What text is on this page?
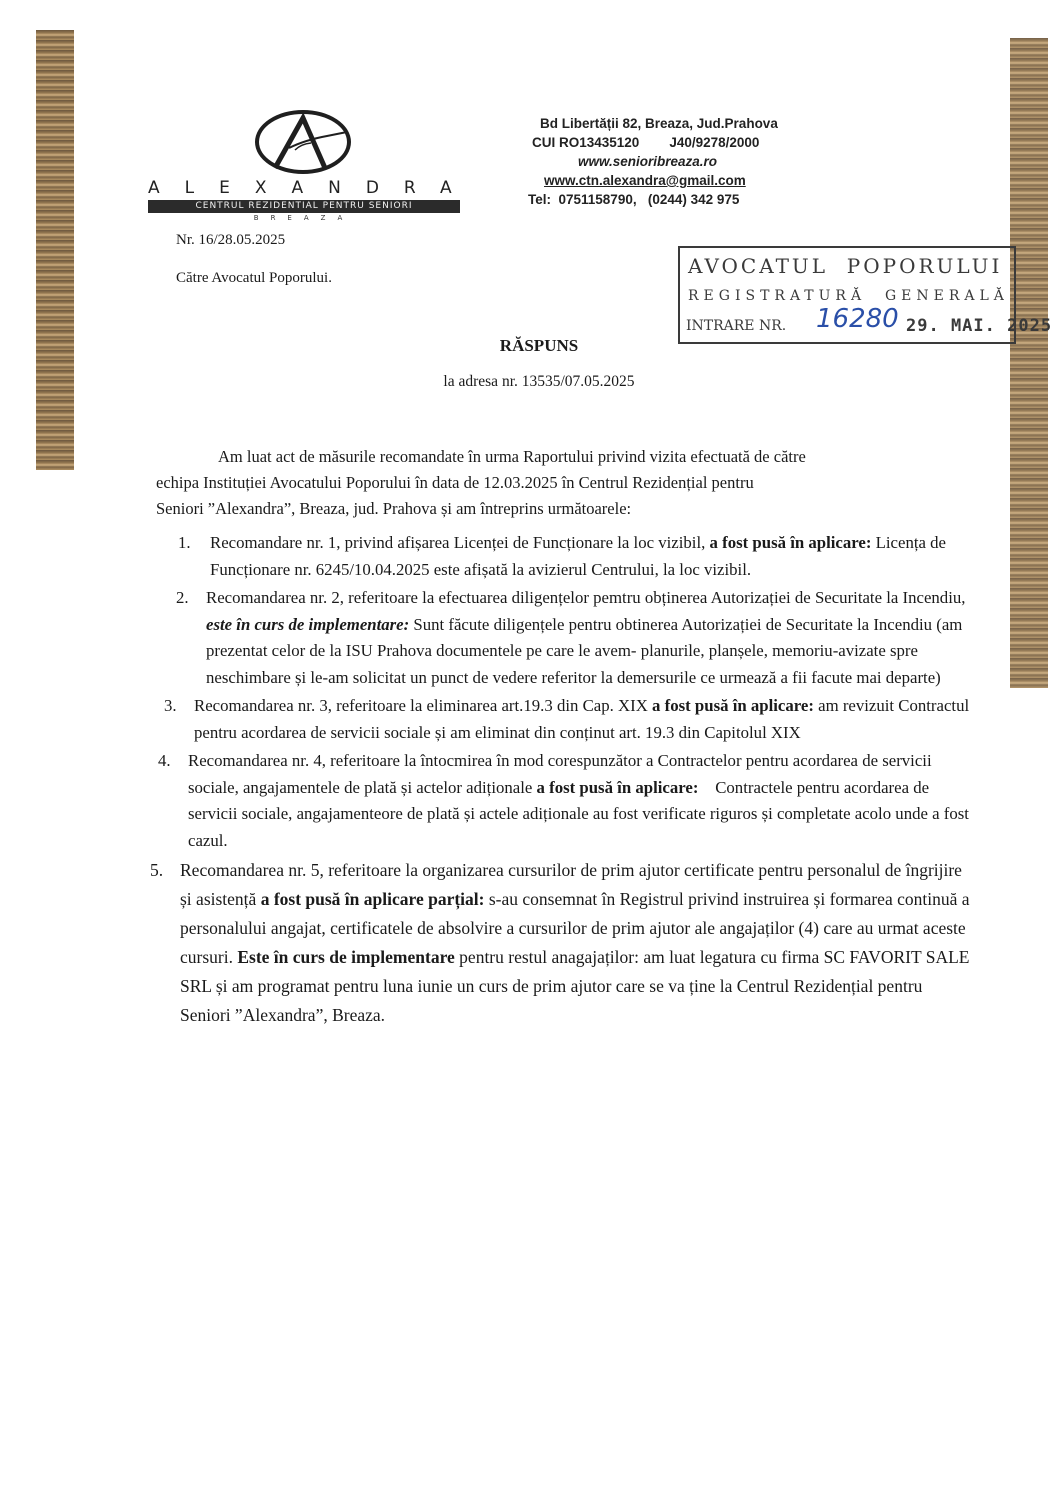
ALEXANDRA
CENTRUL REZIDENTIAL PENTRU SENIORI
BREAZA
Bd Libertății 82, Breaza, Jud.Prahova
CUI RO13435120        J40/9278/2000
www.senioribreaza.ro
www.ctn.alexandra@gmail.com
Tel:  0751158790,   (0244) 342 975
Nr. 16/28.05.2025
Către Avocatul Poporului.	AVOCATUL  POPORULUI
REGISTRATURĂ  GENERALĂ
INTRARE NR. 16280 29. MAI. 2025
RĂSPUNS
la adresa nr. 13535/07.05.2025
Am luat act de măsurile recomandate în urma Raportului privind vizita efectuată de către
echipa Instituției Avocatului Poporului în data de 12.03.2025 în Centrul Rezidențial pentru
Seniori ”Alexandra”, Breaza, jud. Prahova și am întreprins următoarele:
1.	Recomandare nr. 1, privind afișarea Licenței de Funcționare la loc vizibil, a fost pusă în aplicare: Licența de Funcționare nr. 6245/10.04.2025 este afișată la avizierul Centrului, la loc vizibil.
2.	Recomandarea nr. 2, referitoare la efectuarea diligențelor pemtru obținerea Autorizației de Securitate la Incendiu, este în curs de implementare: Sunt făcute diligențele pentru obtinerea Autorizației de Securitate la Incendiu (am prezentat celor de la ISU Prahova documentele pe care le avem- planurile, planșele, memoriu-avizate spre neschimbare și le-am solicitat un punct de vedere referitor la demersurile ce urmează a fii facute mai departe)
3.	Recomandarea nr. 3, referitoare la eliminarea art.19.3 din Cap. XIX a fost pusă în aplicare: am revizuit Contractul pentru acordarea de servicii sociale și am eliminat din conținut art. 19.3 din Capitolul XIX
4.	Recomandarea nr. 4, referitoare la întocmirea în mod corespunzător a Contractelor pentru acordarea de servicii sociale, angajamentele de plată și actelor adiționale a fost pusă în aplicare:    Contractele pentru acordarea de servicii sociale, angajamenteore de plată și actele adiționale au fost verificate riguros și completate acolo unde a fost cazul.
5. Recomandarea nr. 5, referitoare la organizarea cursurilor de prim ajutor certificate pentru personalul de îngrijire și asistență a fost pusă în aplicare parțial: s-au consemnat în Registrul privind instruirea și formarea continuă a personalului angajat, certificatele de absolvire a cursurilor de prim ajutor ale angajaților (4) care au urmat aceste cursuri. Este în curs de implementare pentru restul anagajaților: am luat legatura cu firma SC FAVORIT SALE SRL și am programat pentru luna iunie un curs de prim ajutor care se va ține la Centrul Rezidențial pentru Seniori ”Alexandra”, Breaza.
